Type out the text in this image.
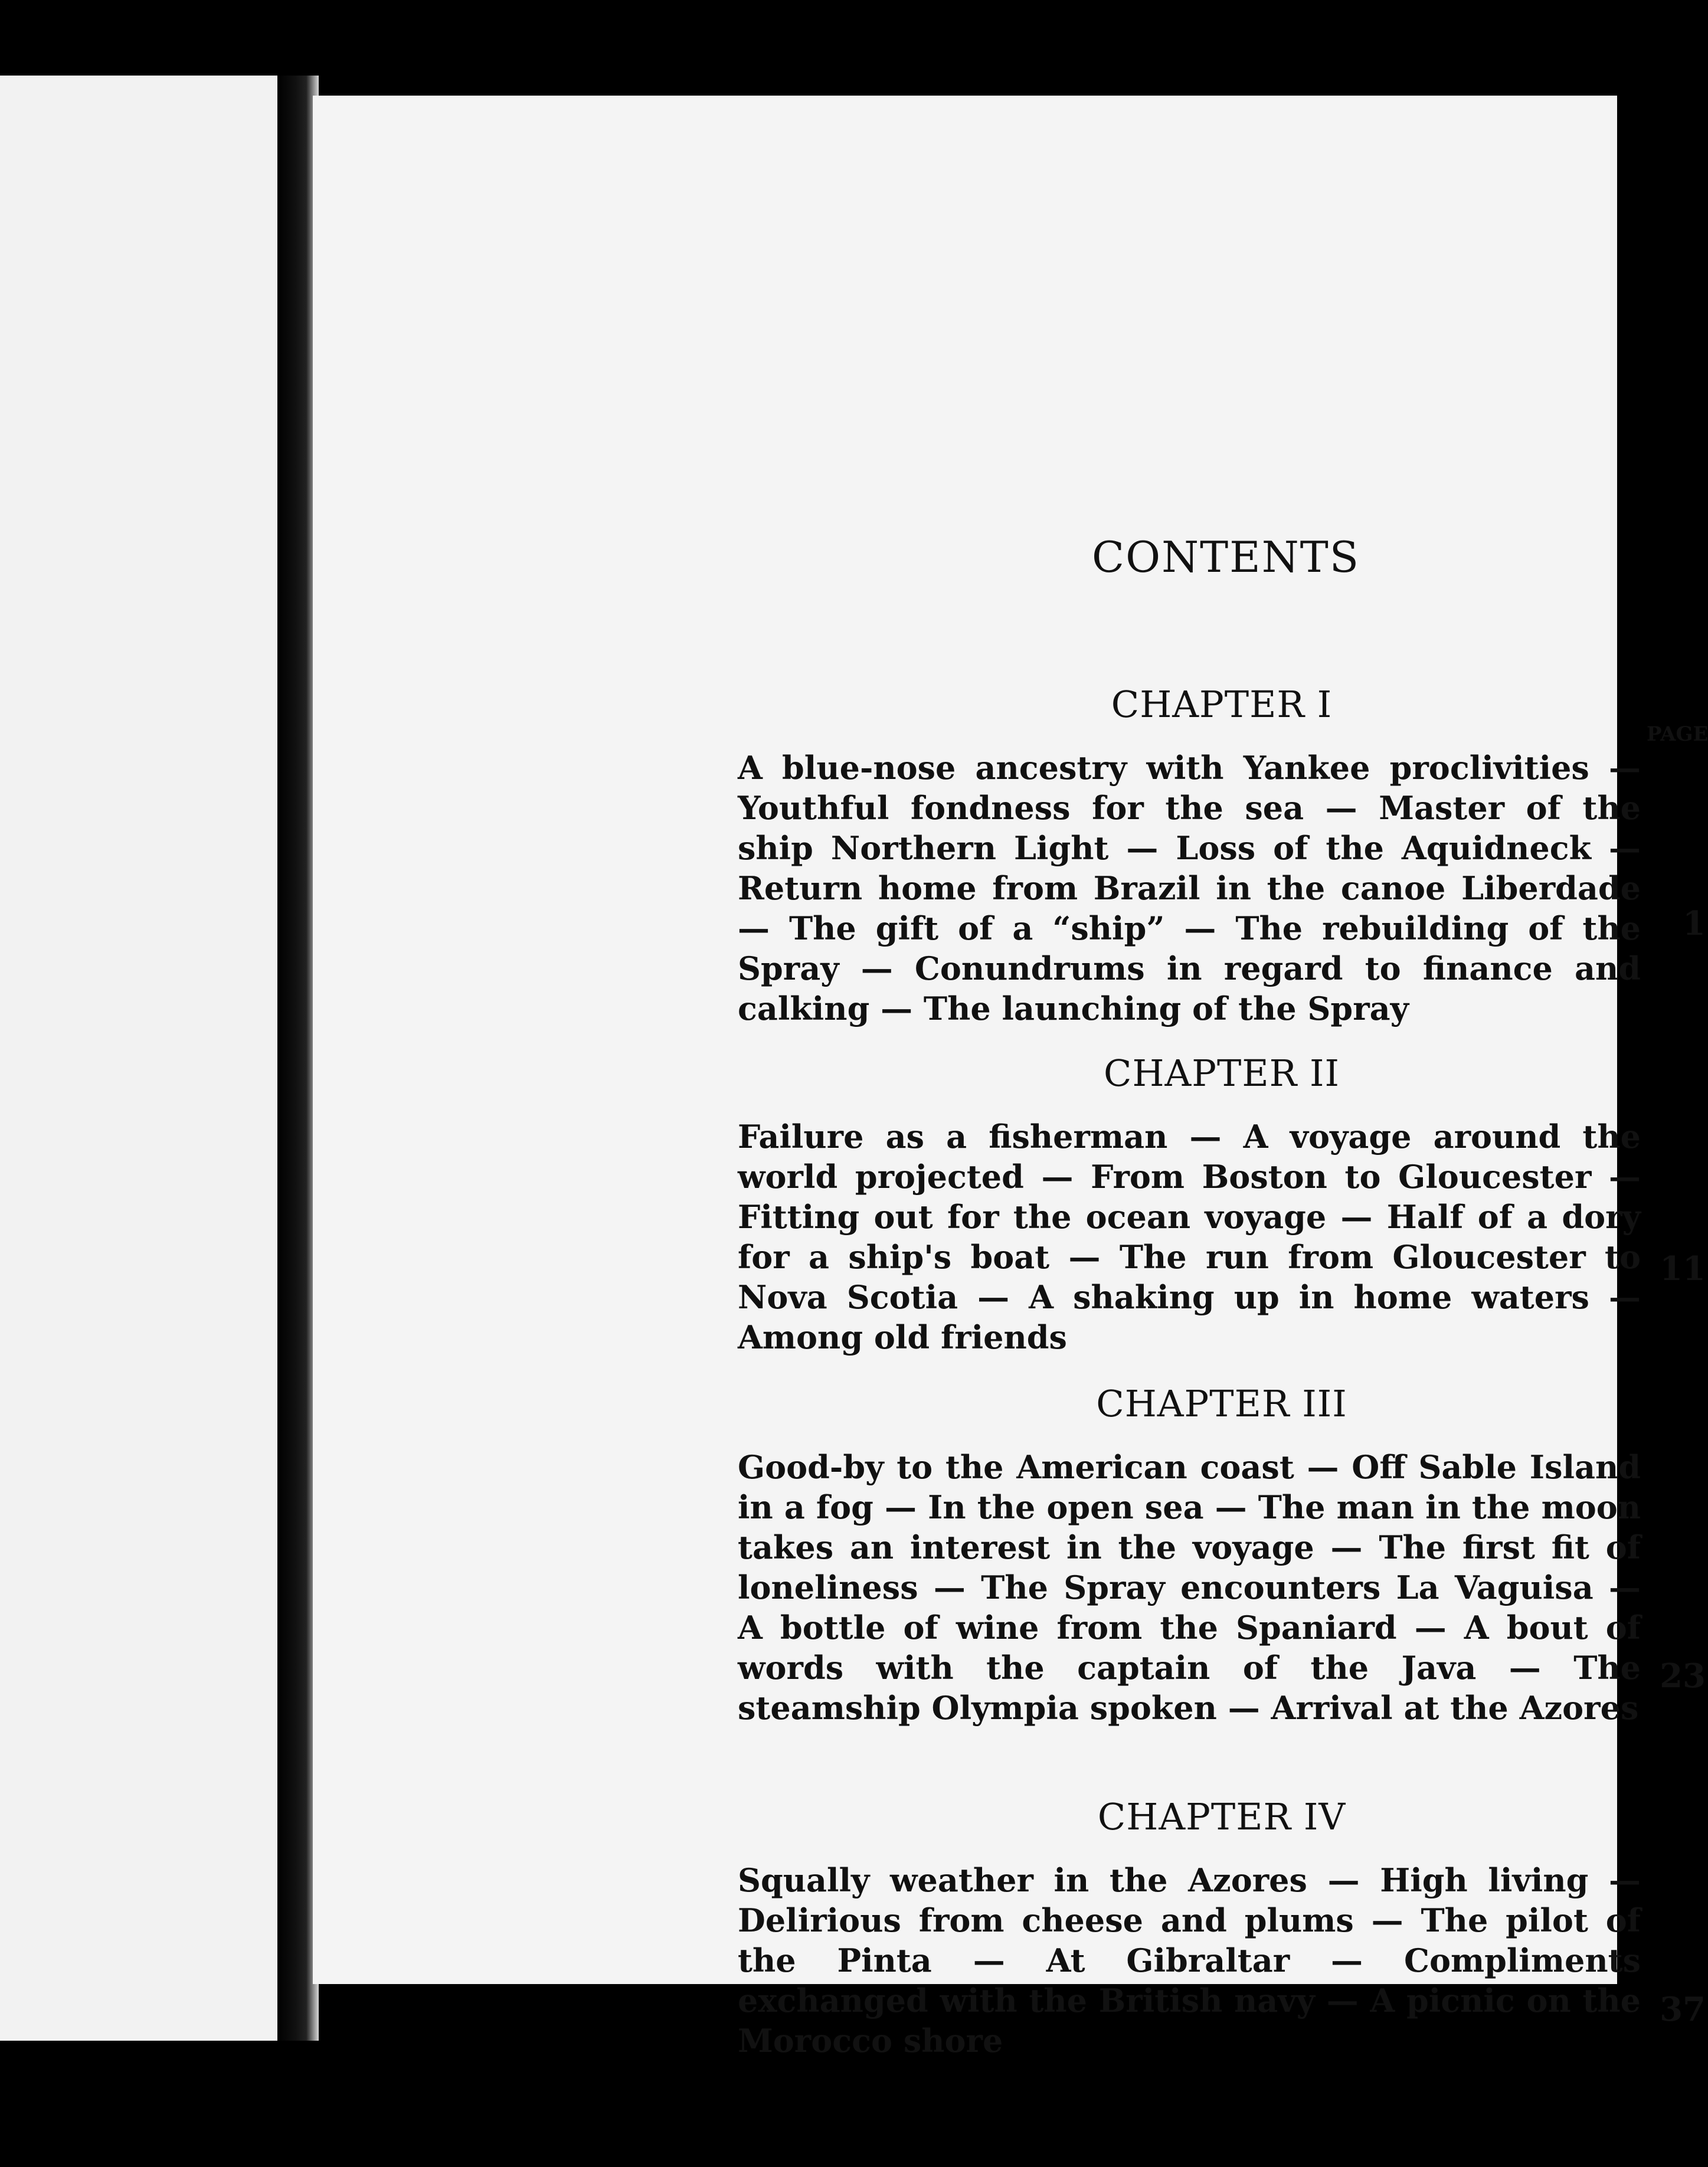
CONTENTS
CHAPTER I
A blue-nose ancestry with Yankee proclivities — Youthful fondness for the sea — Master of the ship Northern Light — Loss of the Aquidneck — Return home from Brazil in the canoe Liberdade — The gift of a “ship” — The rebuilding of the Spray — Conundrums in regard to finance and calking — The launching of the Spray
1
PAGE
CHAPTER II
Failure as a fisherman — A voyage around the world projected — From Boston to Gloucester — Fitting out for the ocean voyage — Half of a dory for a ship's boat — The run from Gloucester to Nova Scotia — A shaking up in home waters — Among old friends
11
CHAPTER III
Good-by to the American coast — Off Sable Island in a fog — In the open sea — The man in the moon takes an interest in the voyage — The first fit of loneliness — The Spray encounters La Vaguisa — A bottle of wine from the Spaniard — A bout of words with the captain of the Java — The steamship Olympia spoken — Arrival at the Azores
23
CHAPTER IV
Squally weather in the Azores — High living — Delirious from cheese and plums — The pilot of the Pinta — At Gibraltar — Compliments exchanged with the British navy — A picnic on the Morocco shore
37
